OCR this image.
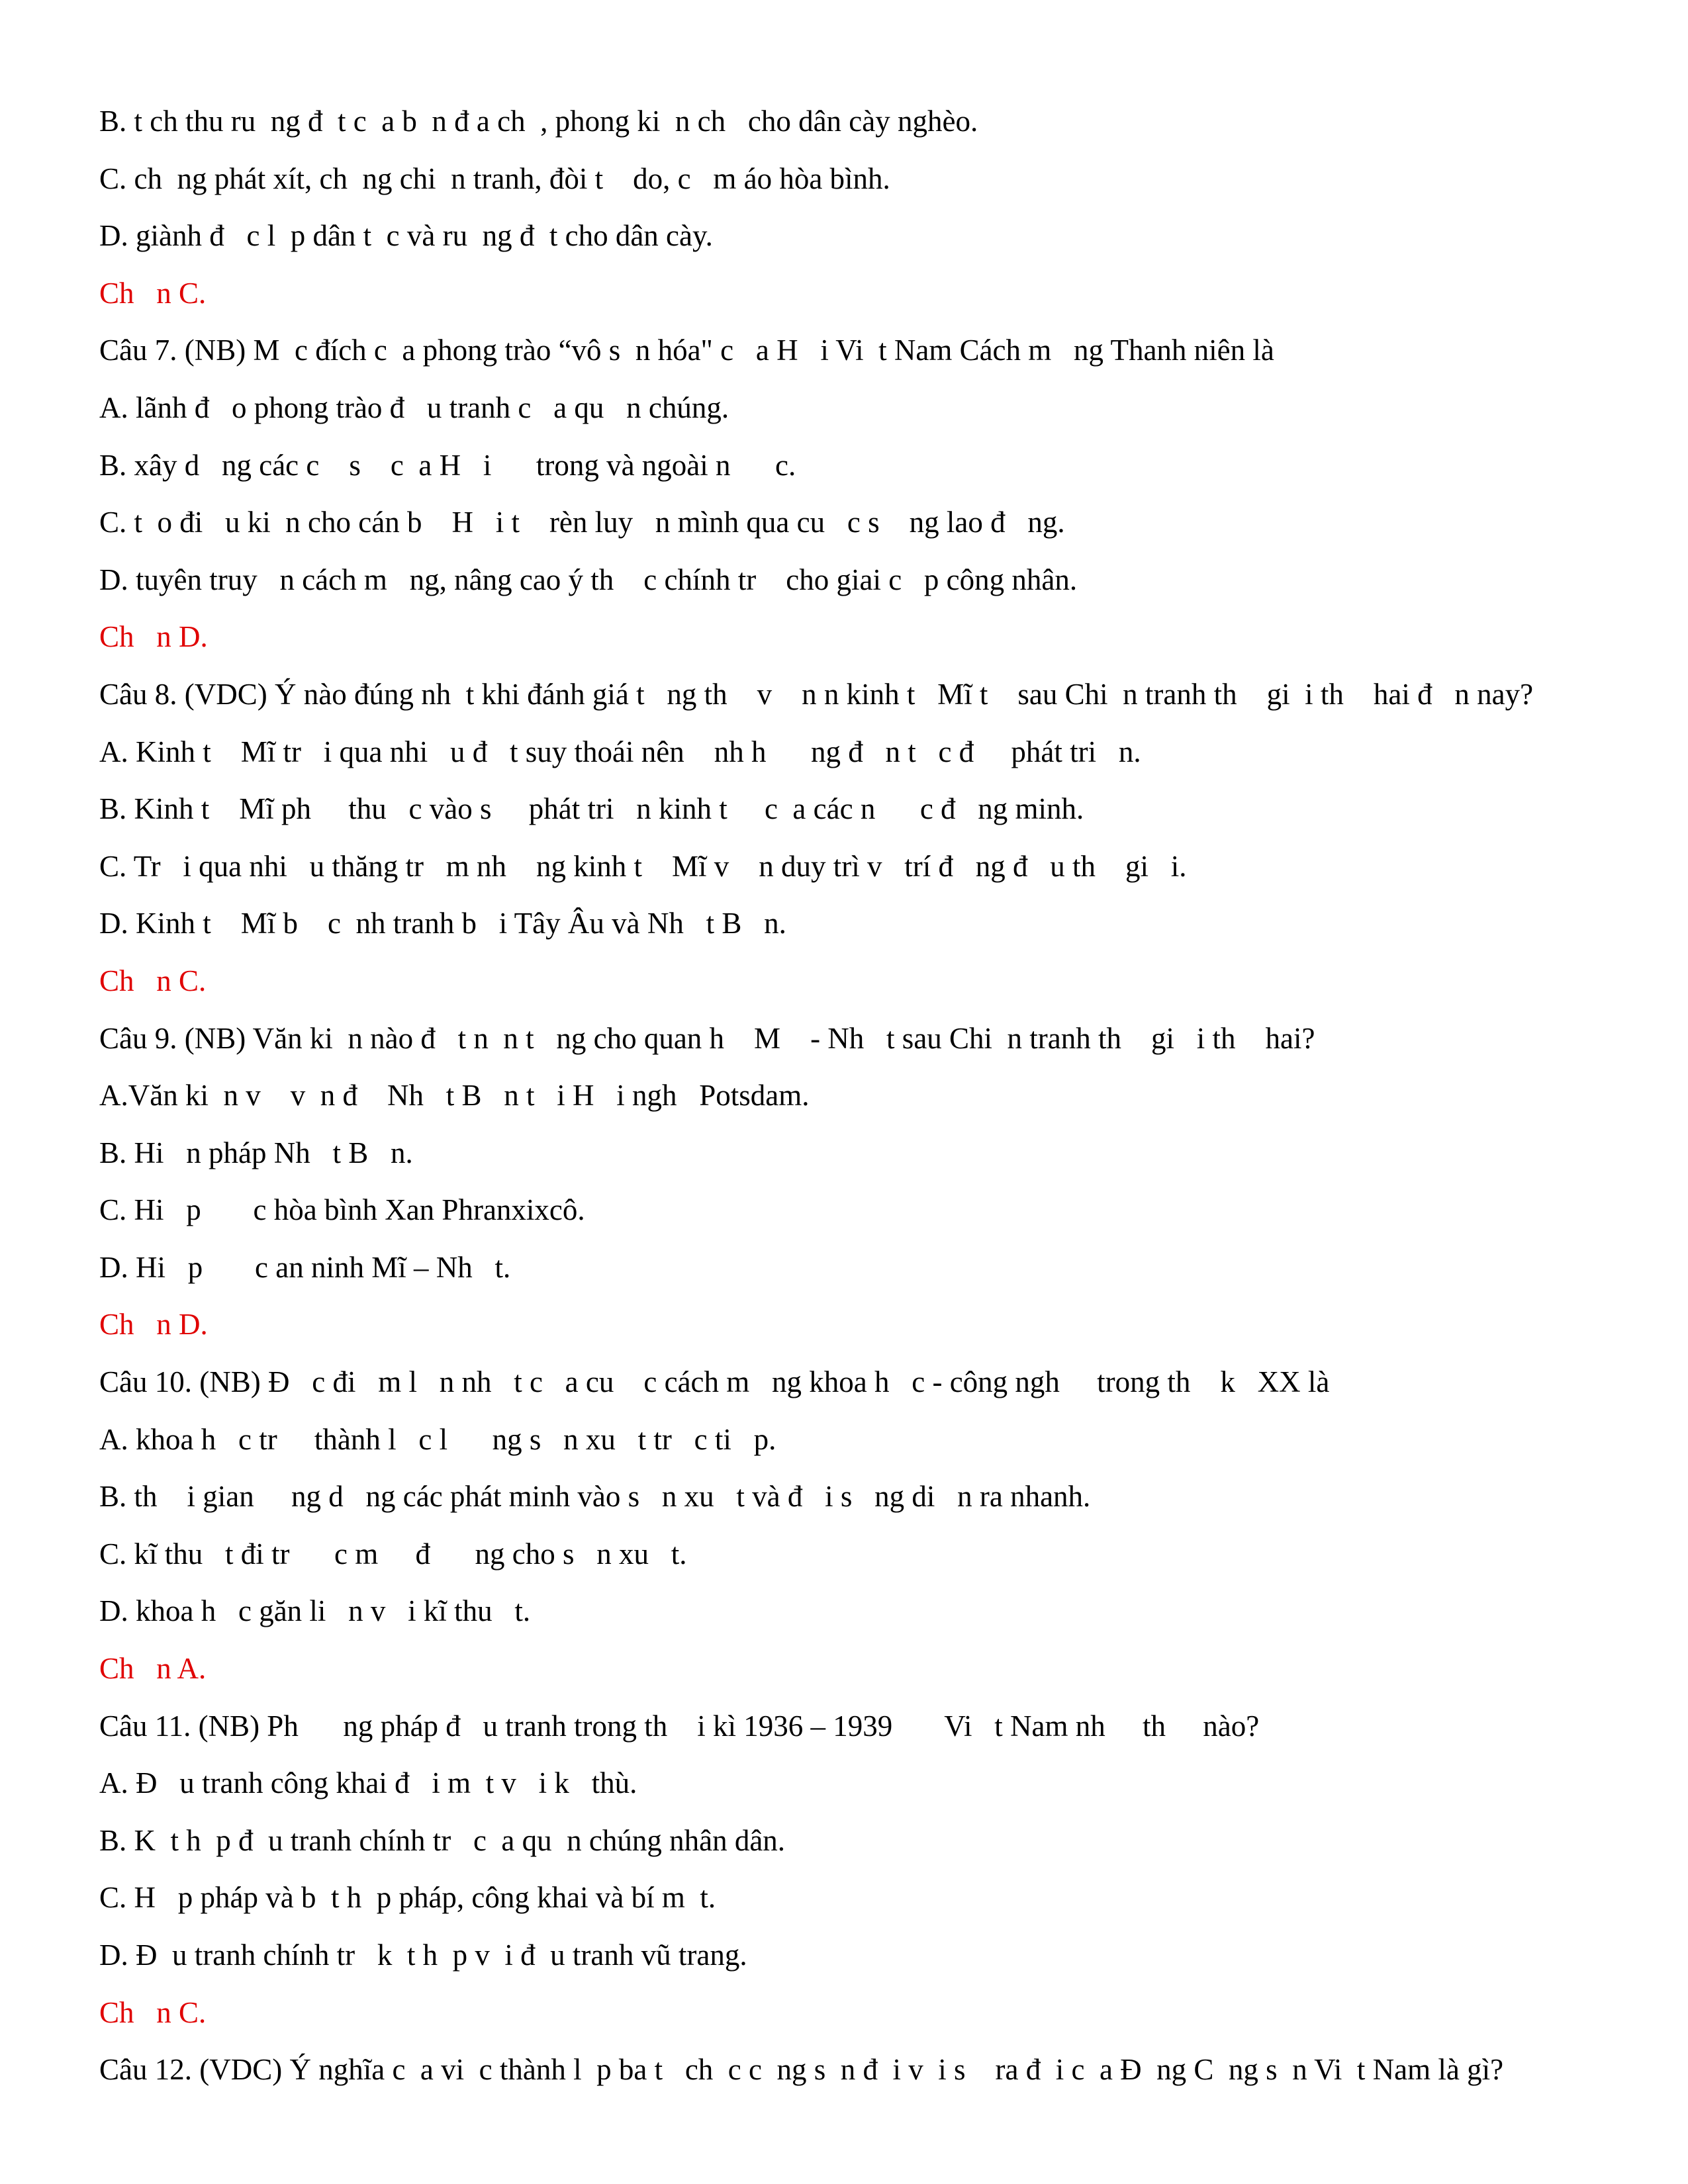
B. t ch thu ru  ng đ  t c  a b  n đ a ch  , phong ki  n ch   cho dân cày nghèo.
C. ch  ng phát xít, ch  ng chi  n tranh, đòi t    do, c   m áo hòa bình.
D. giành đ   c l  p dân t  c và ru  ng đ  t cho dân cày.
Ch   n C.
Câu 7. (NB) M  c đích c  a phong trào “vô s  n hóa" c   a H   i Vi  t Nam Cách m   ng Thanh niên là
A. lãnh đ   o phong trào đ   u tranh c   a qu   n chúng.
B. xây d   ng các c    s    c  a H   i      trong và ngoài n      c.
C. t  o đi   u ki  n cho cán b    H   i t    rèn luy   n mình qua cu   c s    ng lao đ   ng.
D. tuyên truy   n cách m   ng, nâng cao ý th    c chính tr    cho giai c   p công nhân.
Ch   n D.
Câu 8. (VDC) Ý nào đúng nh  t khi đánh giá t   ng th    v    n n kinh t   Mĩ t    sau Chi  n tranh th    gi  i th    hai đ   n nay?
A. Kinh t    Mĩ tr   i qua nhi   u đ   t suy thoái nên    nh h      ng đ   n t   c đ     phát tri   n.
B. Kinh t    Mĩ ph     thu   c vào s     phát tri   n kinh t     c  a các n      c đ   ng minh.
C. Tr   i qua nhi   u thăng tr   m nh    ng kinh t    Mĩ v    n duy trì v   trí đ   ng đ   u th    gi   i.
D. Kinh t    Mĩ b    c  nh tranh b   i Tây Âu và Nh   t B   n.
Ch   n C.
Câu 9. (NB) Văn ki  n nào đ   t n  n t   ng cho quan h    M    - Nh   t sau Chi  n tranh th    gi   i th    hai?
A.Văn ki  n v    v  n đ    Nh   t B   n t   i H   i ngh   Potsdam.
B. Hi   n pháp Nh   t B   n.
C. Hi   p       c hòa bình Xan Phranxixcô.
D. Hi   p       c an ninh Mĩ – Nh   t.
Ch   n D.
Câu 10. (NB) Đ   c đi   m l   n nh   t c   a cu    c cách m   ng khoa h   c - công ngh     trong th    k   XX là
A. khoa h   c tr     thành l   c l      ng s   n xu   t tr   c ti   p.
B. th    i gian     ng d   ng các phát minh vào s   n xu   t và đ   i s   ng di   n ra nhanh.
C. kĩ thu   t đi tr      c m     đ      ng cho s   n xu   t.
D. khoa h   c găn li   n v   i kĩ thu   t.
Ch   n A.
Câu 11. (NB) Ph      ng pháp đ   u tranh trong th    i kì 1936 – 1939       Vi   t Nam nh     th     nào?
A. Đ   u tranh công khai đ   i m  t v   i k   thù.
B. K  t h  p đ  u tranh chính tr   c  a qu  n chúng nhân dân.
C. H   p pháp và b  t h  p pháp, công khai và bí m  t.
D. Đ  u tranh chính tr   k  t h  p v  i đ  u tranh vũ trang.
Ch   n C.
Câu 12. (VDC) Ý nghĩa c  a vi  c thành l  p ba t   ch  c c  ng s  n đ  i v  i s    ra đ  i c  a Đ  ng C  ng s  n Vi  t Nam là gì?
